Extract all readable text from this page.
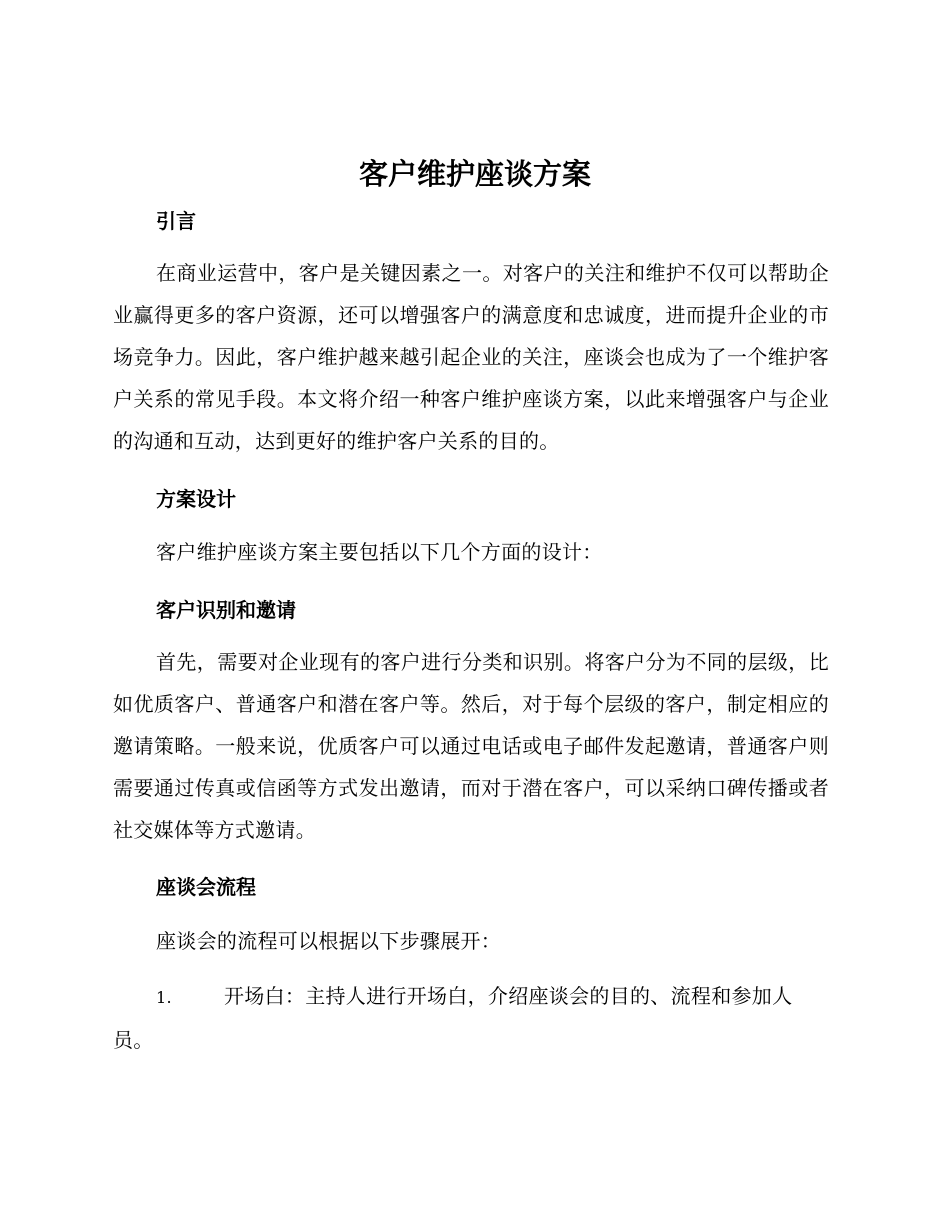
客户维护座谈方案
引言

在商业运营中，客户是关键因素之一。对客户的关注和维护不仅可以帮助企业赢得更多的客户资源，还可以增强客户的满意度和忠诚度，进而提升企业的市场竞争力。因此，客户维护越来越引起企业的关注，座谈会也成为了一个维护客户关系的常见手段。本文将介绍一种客户维护座谈方案，以此来增强客户与企业的沟通和互动，达到更好的维护客户关系的目的。

方案设计

客户维护座谈方案主要包括以下几个方面的设计：

客户识别和邀请

首先，需要对企业现有的客户进行分类和识别。将客户分为不同的层级，比如优质客户、普通客户和潜在客户等。然后，对于每个层级的客户，制定相应的邀请策略。一般来说，优质客户可以通过电话或电子邮件发起邀请，普通客户则需要通过传真或信函等方式发出邀请，而对于潜在客户，可以采纳口碑传播或者社交媒体等方式邀请。

座谈会流程

座谈会的流程可以根据以下步骤展开：

1.	开场白：主持人进行开场白，介绍座谈会的目的、流程和参加人员。
